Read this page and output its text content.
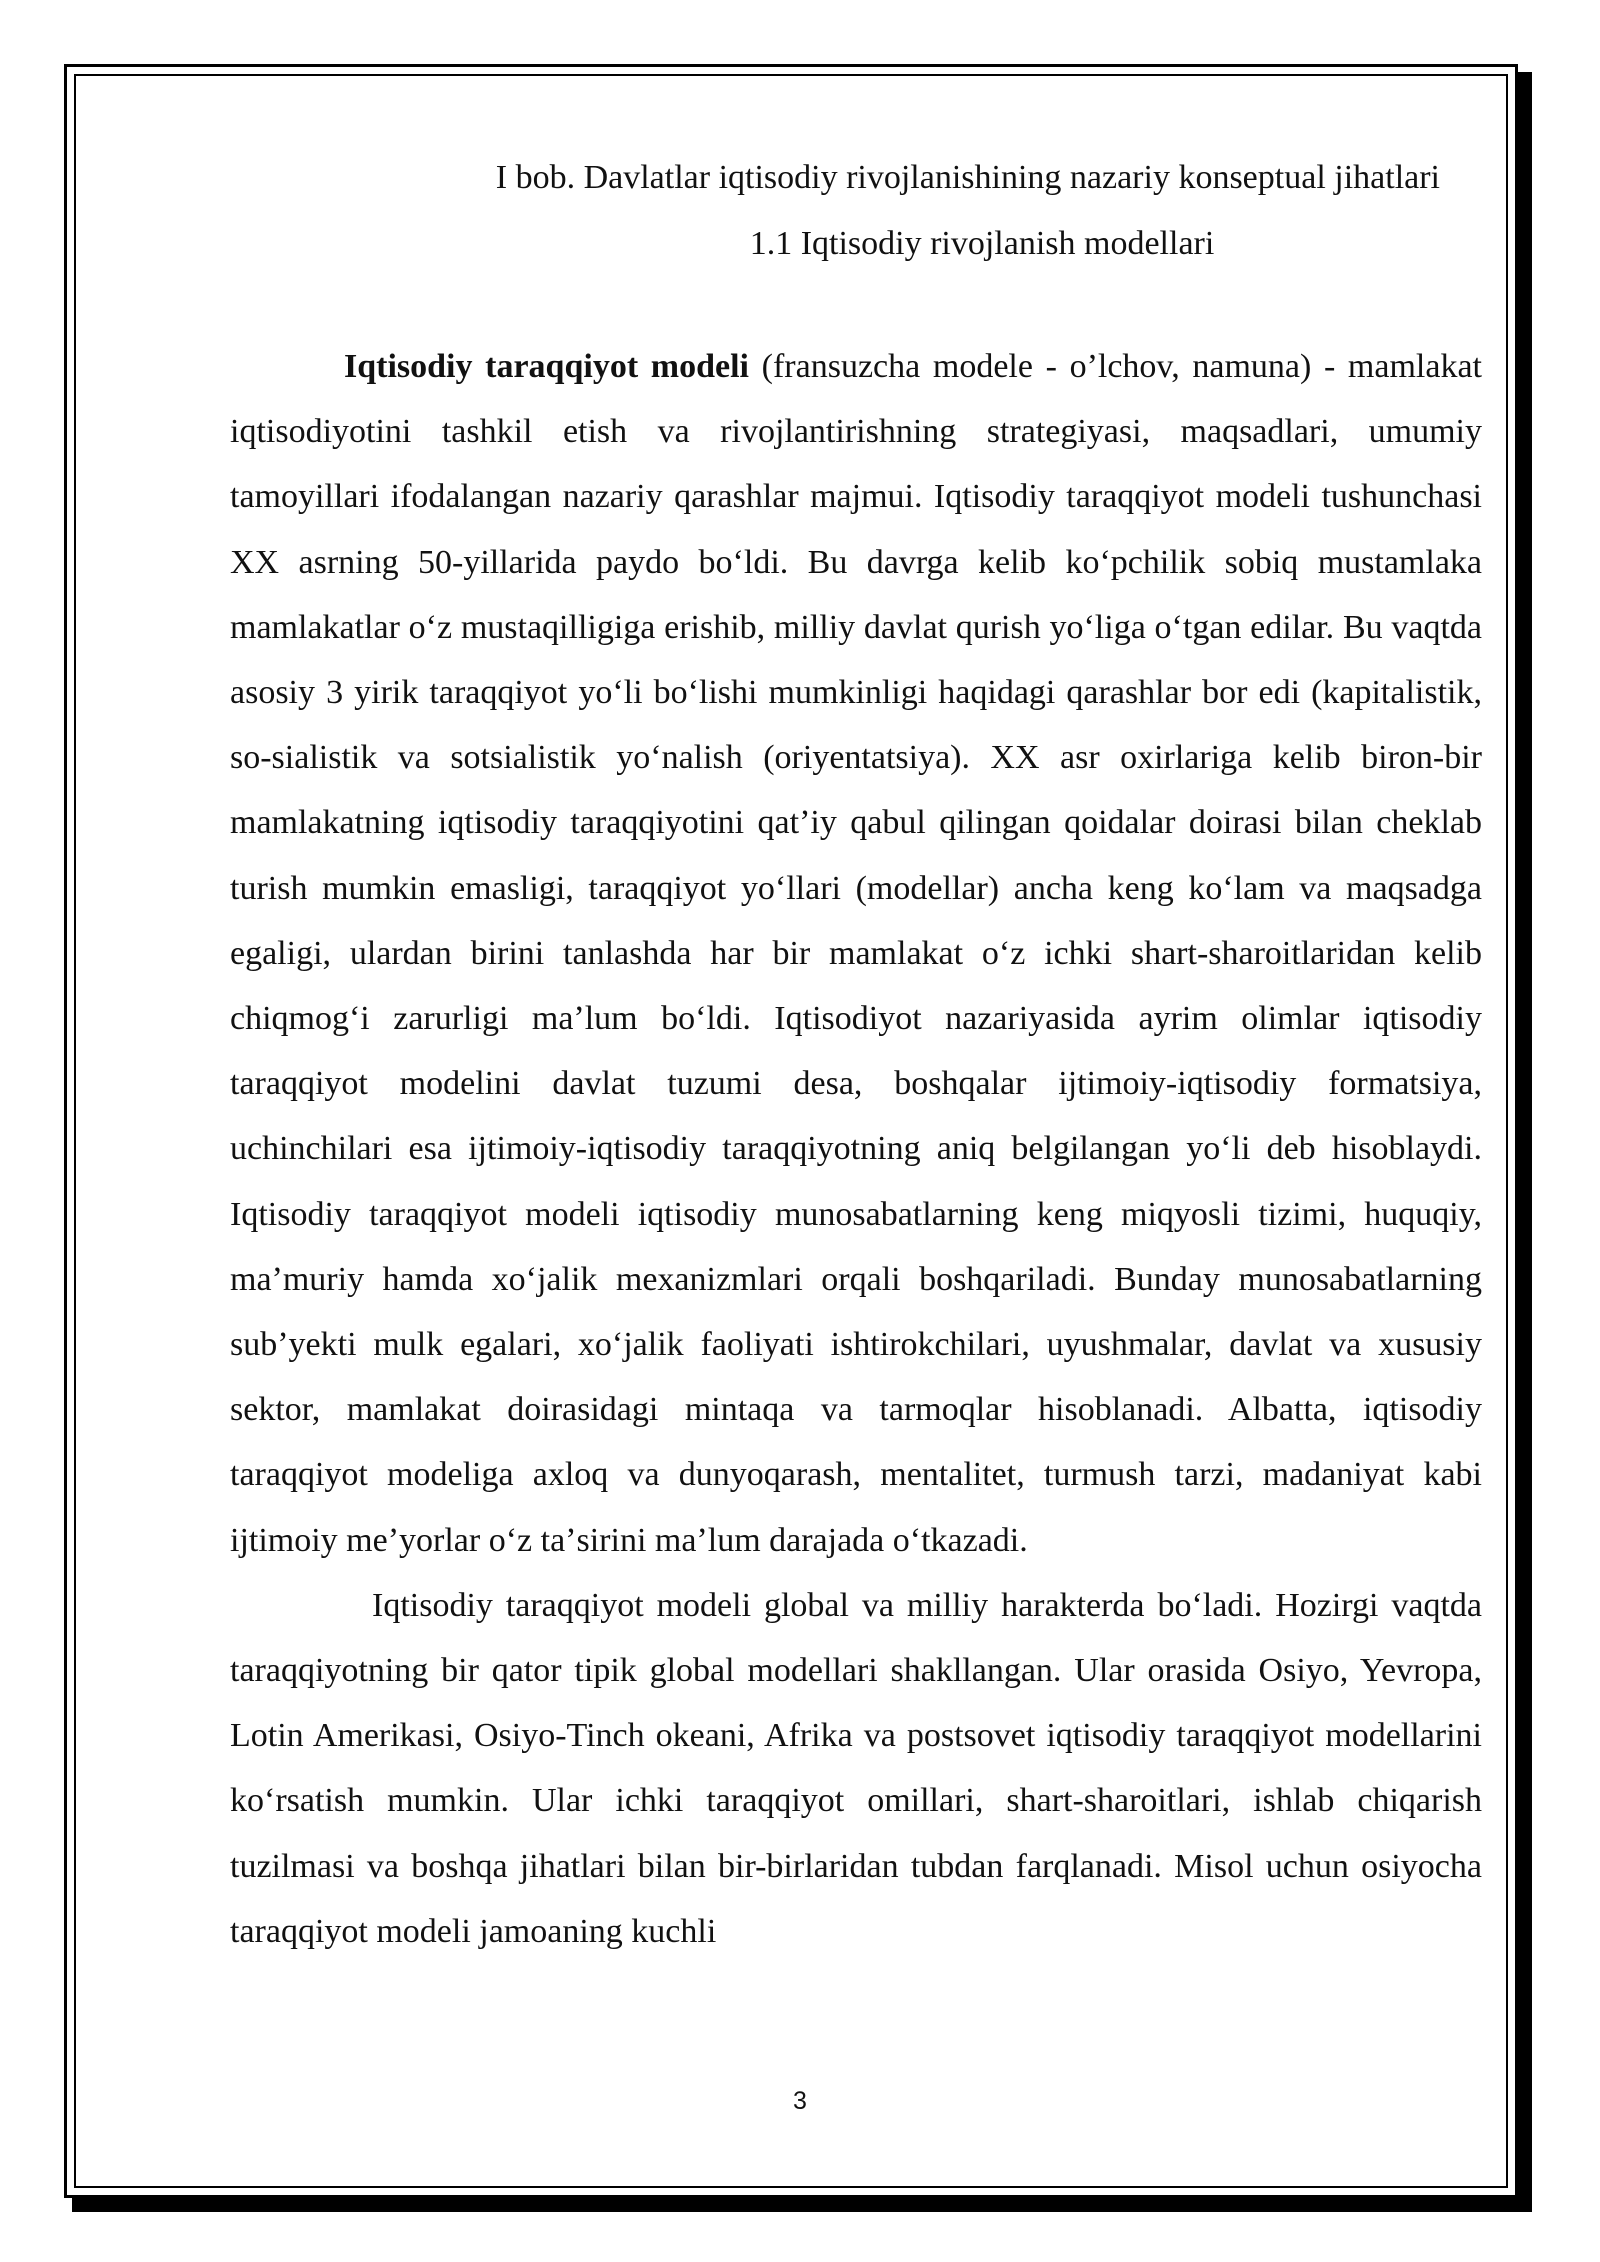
I bob. Davlatlar iqtisodiy rivojlanishining nazariy konseptual jihatlari
1.1 Iqtisodiy rivojlanish modellari

Iqtisodiy taraqqiyot modeli (fransuzcha modele - o’lchov, namuna) - mamlakat iqtisodiyotini tashkil etish va rivojlantirishning strategiyasi, maqsadlari, umumiy tamoyillari ifodalangan nazariy qarashlar majmui. Iqtisodiy taraqqiyot modeli tushunchasi XX asrning 50-yillarida paydo boʻldi. Bu davrga kelib koʻpchilik sobiq mustamlaka mamlakatlar oʻz mustaqilligiga erishib, milliy davlat qurish yoʻliga oʻtgan edilar. Bu vaqtda asosiy 3 yirik taraqqiyot yoʻli boʻlishi mumkinligi haqidagi qarashlar bor edi (kapitalistik, so-sialistik va sotsialistik yoʻnalish (oriyentatsiya). XX asr oxirlariga kelib biron-bir mamlakatning iqtisodiy taraqqiyotini qatʼiy qabul qilingan qoidalar doirasi bilan cheklab turish mumkin emasligi, taraqqiyot yoʻllari (modellar) ancha keng koʻlam va maqsadga egaligi, ulardan birini tanlashda har bir mamlakat oʻz ichki shart-sharoitlaridan kelib chiqmogʻi zarurligi maʼlum boʻldi. Iqtisodiyot nazariyasida ayrim olimlar iqtisodiy taraqqiyot modelini davlat tuzumi desa, boshqalar ijtimoiy-iqtisodiy formatsiya, uchinchilari esa ijtimoiy-iqtisodiy taraqqiyotning aniq belgilangan yoʻli deb hisoblaydi. Iqtisodiy taraqqiyot modeli iqtisodiy munosabatlarning keng miqyosli tizimi, huquqiy, maʼmuriy hamda xoʻjalik mexanizmlari orqali boshqariladi. Bunday munosabatlarning subʼyekti mulk egalari, xoʻjalik faoliyati ishtirokchilari, uyushmalar, davlat va xususiy sektor, mamlakat doirasidagi mintaqa va tarmoqlar hisoblanadi. Albatta, iqtisodiy taraqqiyot modeliga axloq va dunyoqarash, mentalitet, turmush tarzi, madaniyat kabi ijtimoiy meʼyorlar oʻz taʼsirini maʼlum darajada oʻtkazadi.

Iqtisodiy taraqqiyot modeli global va milliy harakterda boʻladi. Hozirgi vaqtda taraqqiyotning bir qator tipik global modellari shakllangan. Ular orasida Osiyo, Yevropa, Lotin Amerikasi, Osiyo-Tinch okeani, Afrika va postsovet iqtisodiy taraqqiyot modellarini koʻrsatish mumkin. Ular ichki taraqqiyot omillari, shart-sharoitlari, ishlab chiqarish tuzilmasi va boshqa jihatlari bilan bir-birlaridan tubdan farqlanadi. Misol uchun osiyocha taraqqiyot modeli jamoaning kuchli

3
